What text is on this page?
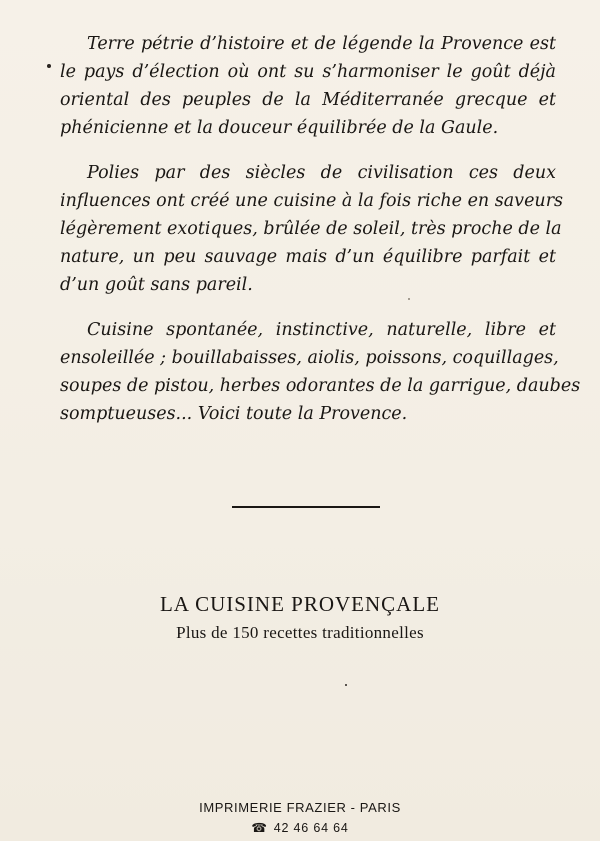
Terre pétrie d’histoire et de légende la Provence est
le pays d’élection où ont su s’harmoniser le goût déjà
oriental des peuples de la Méditerranée grecque et
phénicienne et la douceur équilibrée de la Gaule.

Polies par des siècles de civilisation ces deux
influences ont créé une cuisine à la fois riche en saveurs
légèrement exotiques, brûlée de soleil, très proche de la
nature, un peu sauvage mais d’un équilibre parfait et
d’un goût sans pareil.

Cuisine spontanée, instinctive, naturelle, libre et
ensoleillée ; bouillabaisses, aiolis, poissons, coquillages,
soupes de pistou, herbes odorantes de la garrigue, daubes
somptueuses... Voici toute la Provence.

LA CUISINE PROVENÇALE
Plus de 150 recettes traditionnelles
IMPRIMERIE FRAZIER - PARIS
☎ 42 46 64 64
